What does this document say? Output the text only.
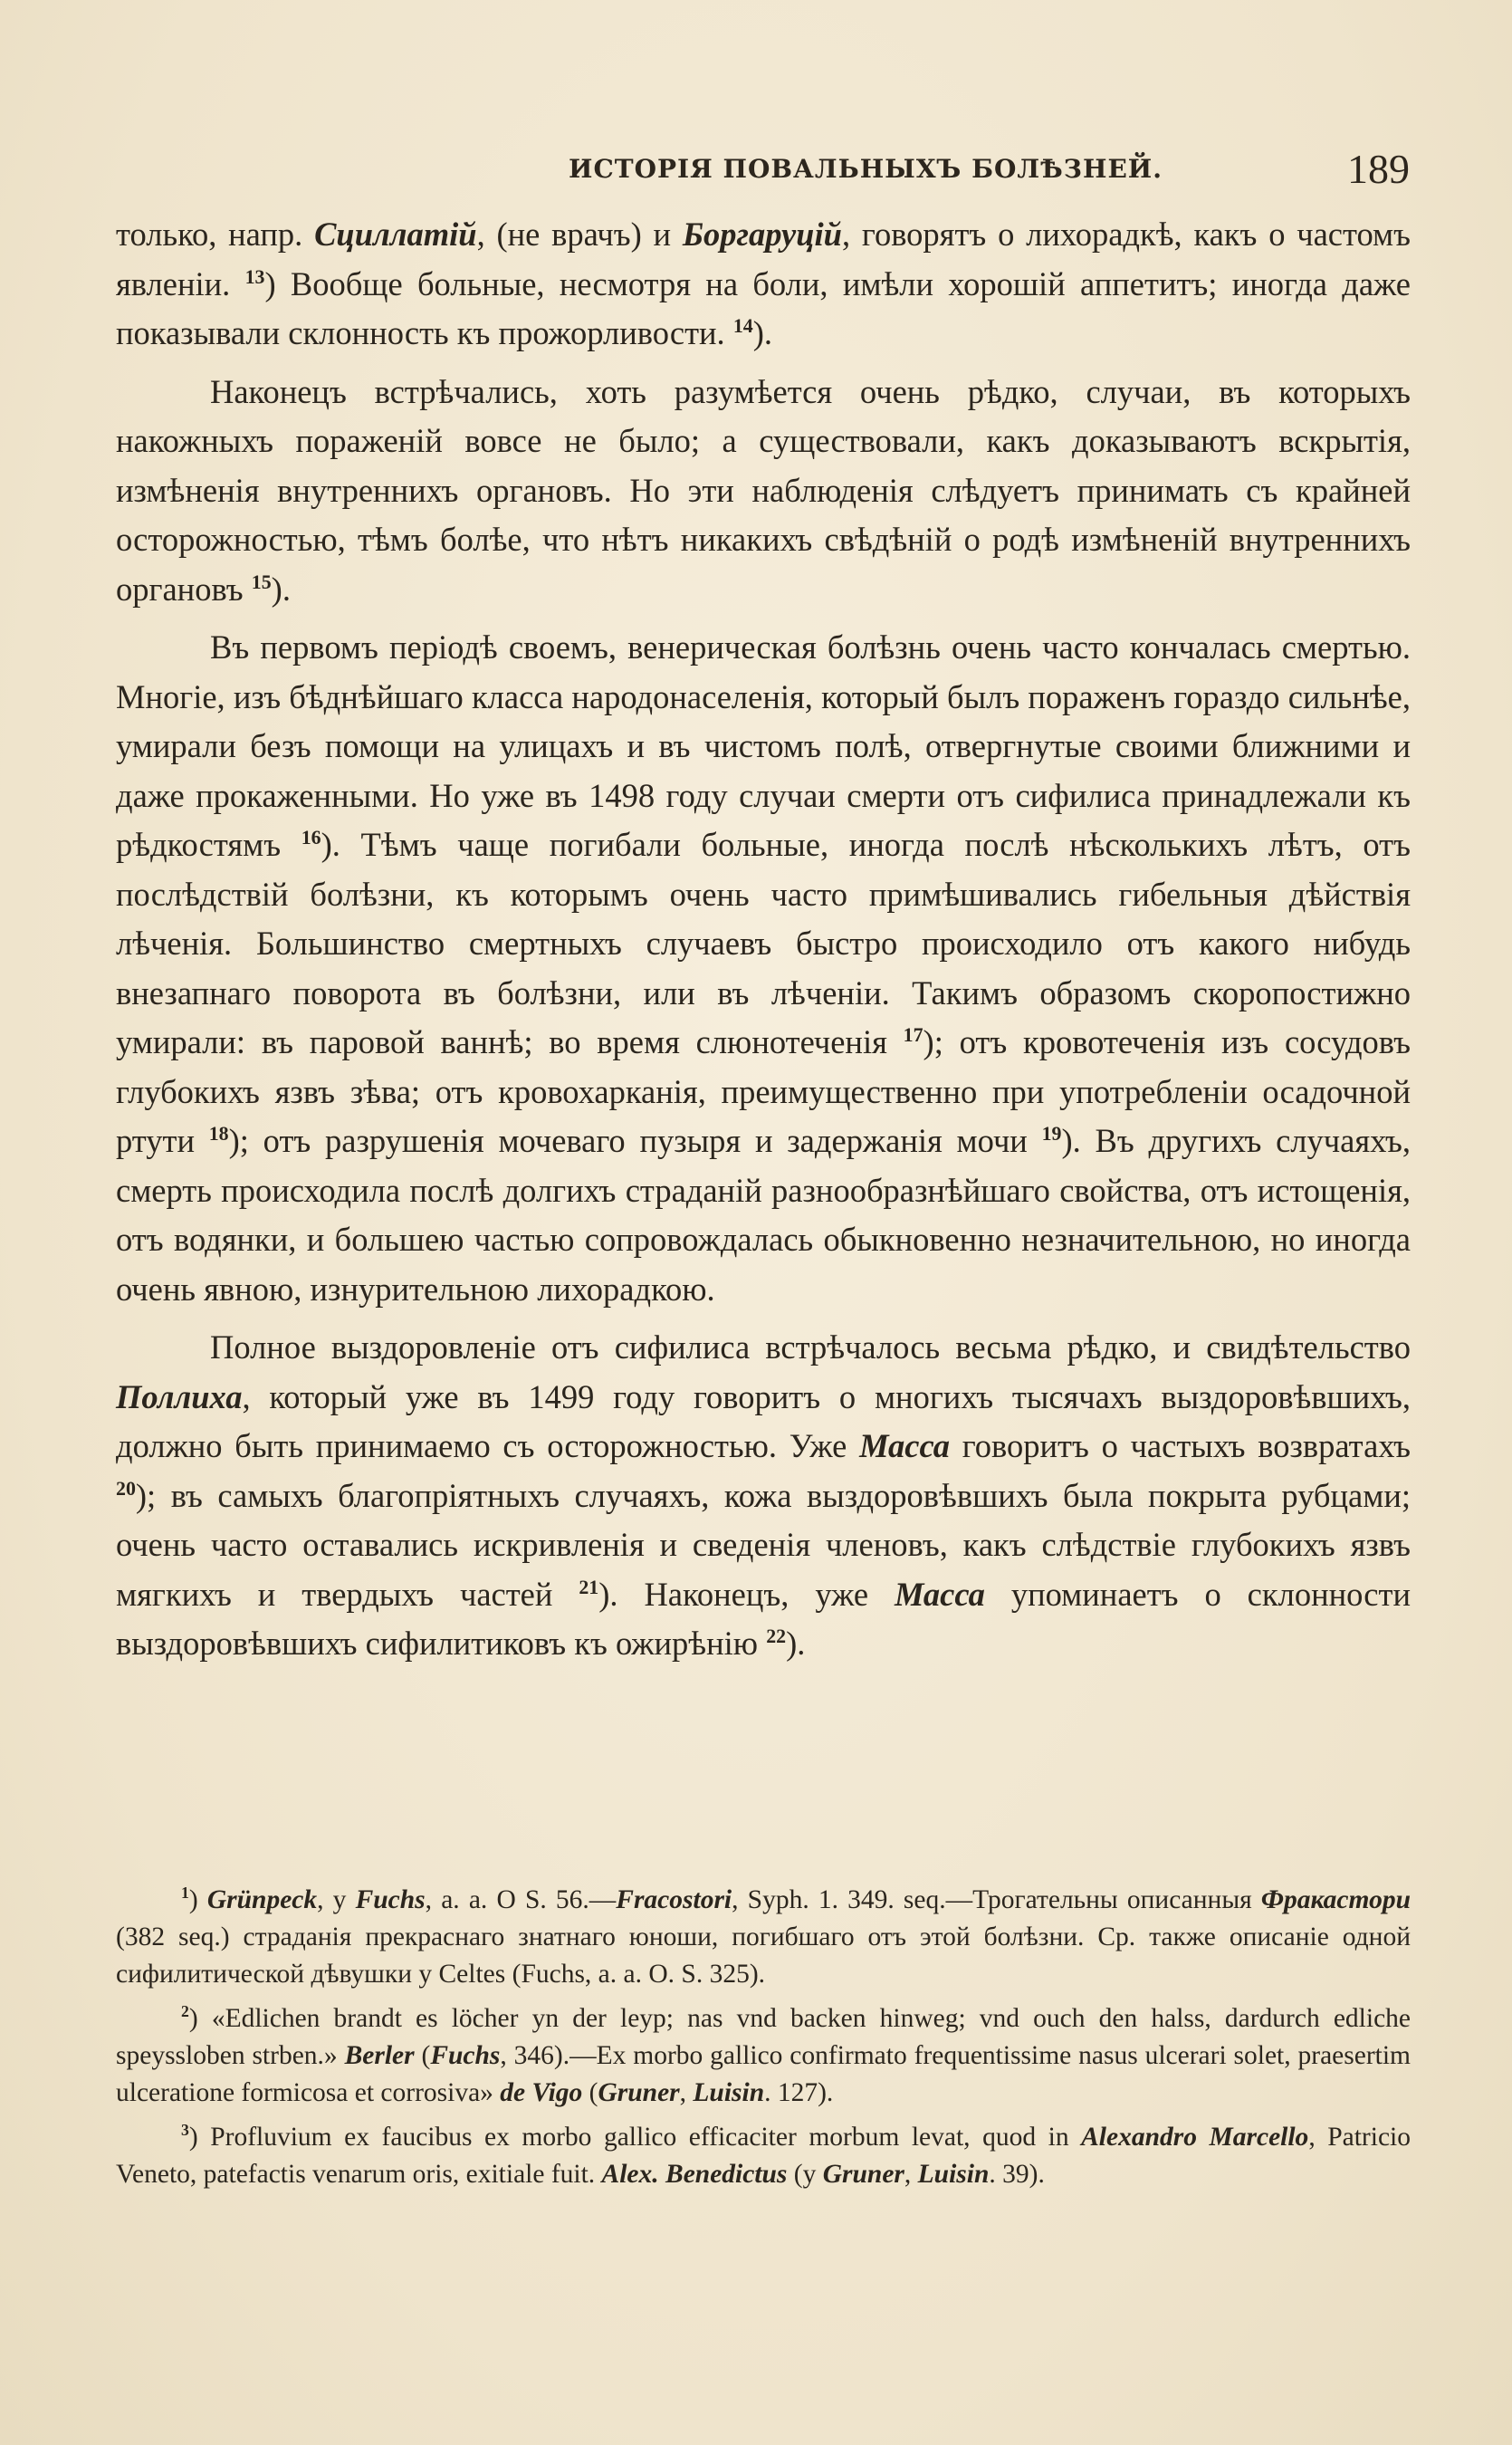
ИСТОРІЯ ПОВАЛЬНЫХЪ БОЛѢЗНЕЙ.	189

только, напр. Сциллатій, (не врачъ) и Боргаруцій, говорятъ о лихорадкѣ, какъ о частомъ явленіи. $^{13}$) Вообще больные, несмотря на боли, имѣли хорошій аппетитъ; иногда даже показывали склонность къ прожорливости. $^{14}$).

Наконецъ встрѣчались, хоть разумѣется очень рѣдко, случаи, въ которыхъ накожныхъ пораженій вовсе не было; а существовали, какъ доказываютъ вскрытія, измѣненія внутреннихъ органовъ. Но эти наблюденія слѣдуетъ принимать съ крайней осторожностью, тѣмъ болѣе, что нѣтъ никакихъ свѣдѣній о родѣ измѣненій внутреннихъ органовъ $^{15}$).

Въ первомъ періодѣ своемъ, венерическая болѣзнь очень часто кончалась смертью. Многіе, изъ бѣднѣйшаго класса народонаселенія, который былъ пораженъ гораздо сильнѣе, умирали безъ помощи на улицахъ и въ чистомъ полѣ, отвергнутые своими ближними и даже прокаженными. Но уже въ 1498 году случаи смерти отъ сифилиса принадлежали къ рѣдкостямъ $^{16}$). Тѣмъ чаще погибали больные, иногда послѣ нѣсколькихъ лѣтъ, отъ послѣдствій болѣзни, къ которымъ очень часто примѣшивались гибельныя дѣйствія лѣченія. Большинство смертныхъ случаевъ быстро происходило отъ какого нибудь внезапнаго поворота въ болѣзни, или въ лѣченіи. Такимъ образомъ скоропостижно умирали: въ паровой ваннѣ; во время слюнотеченія $^{17}$); отъ кровотеченія изъ сосудовъ глубокихъ язвъ зѣва; отъ кровохарканія, преимущественно при употребленіи осадочной ртути $^{18}$); отъ разрушенія мочеваго пузыря и задержанія мочи $^{19}$). Въ другихъ случаяхъ, смерть происходила послѣ долгихъ страданій разнообразнѣйшаго свойства, отъ истощенія, отъ водянки, и большею частью сопровождалась обыкновенно незначительною, но иногда очень явною, изнурительною лихорадкою.

Полное выздоровленіе отъ сифилиса встрѣчалось весьма рѣдко, и свидѣтельство Поллиха, который уже въ 1499 году говоритъ о многихъ тысячахъ выздоровѣвшихъ, должно быть принимаемо съ осторожностью. Уже Масса говоритъ о частыхъ возвратахъ $^{20}$); въ самыхъ благопріятныхъ случаяхъ, кожа выздоровѣвшихъ была покрыта рубцами; очень часто оставались искривленія и сведенія членовъ, какъ слѣдствіе глубокихъ язвъ мягкихъ и твердыхъ частей $^{21}$). Наконецъ, уже Масса упоминаетъ о склонности выздоровѣвшихъ сифилитиковъ къ ожирѣнію $^{22}$).

$^1$) Grünpeck, у Fuchs, a. a. O S. 56.—Fracostori, Syph. 1. 349. seq.—Трогательны описанныя Фракастори (382 seq.) страданія прекраснаго знатнаго юноши, погибшаго отъ этой болѣзни. Ср. также описаніе одной сифилитической дѣвушки у Celtes (Fuchs, a. a. O. S. 325).

$^2$) «Edlichen brandt es löcher yn der leyp; nas vnd backen hinweg; vnd ouch den halss, dardurch edliche speyssloben strben.» Berler (Fuchs, 346).—Ex morbo gallico confirmato frequentissime nasus ulcerari solet, praesertim ulceratione formicosa et corrosiva» de Vigo (Gruner, Luisin. 127).

$^3$) Profluvium ex faucibus ex morbo gallico efficaciter morbum levat, quod in Alexandro Marcello, Patricio Veneto, patefactis venarum oris, exitiale fuit. Alex. Benedictus (у Gruner, Luisin. 39).
